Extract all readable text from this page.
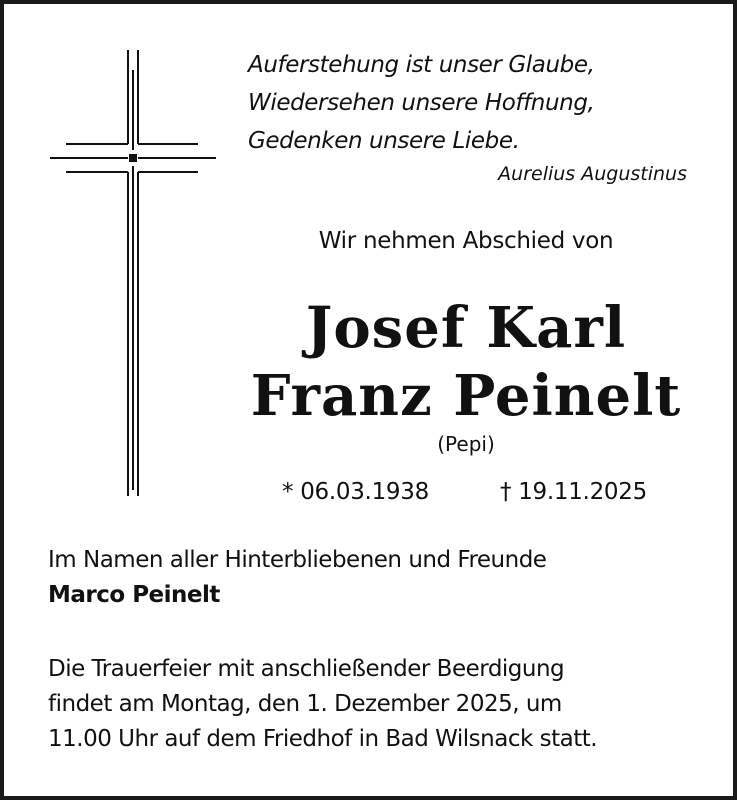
Auferstehung ist unser Glaube,
Wiedersehen unsere Hoffnung,
Gedenken unsere Liebe.
Aurelius Augustinus
Wir nehmen Abschied von
Josef Karl
Franz Peinelt
(Pepi)
* 06.03.1938	† 19.11.2025
Im Namen aller Hinterbliebenen und Freunde
Marco Peinelt
Die Trauerfeier mit anschließender Beerdigung
findet am Montag, den 1. Dezember 2025, um
11.00 Uhr auf dem Friedhof in Bad Wilsnack statt.
